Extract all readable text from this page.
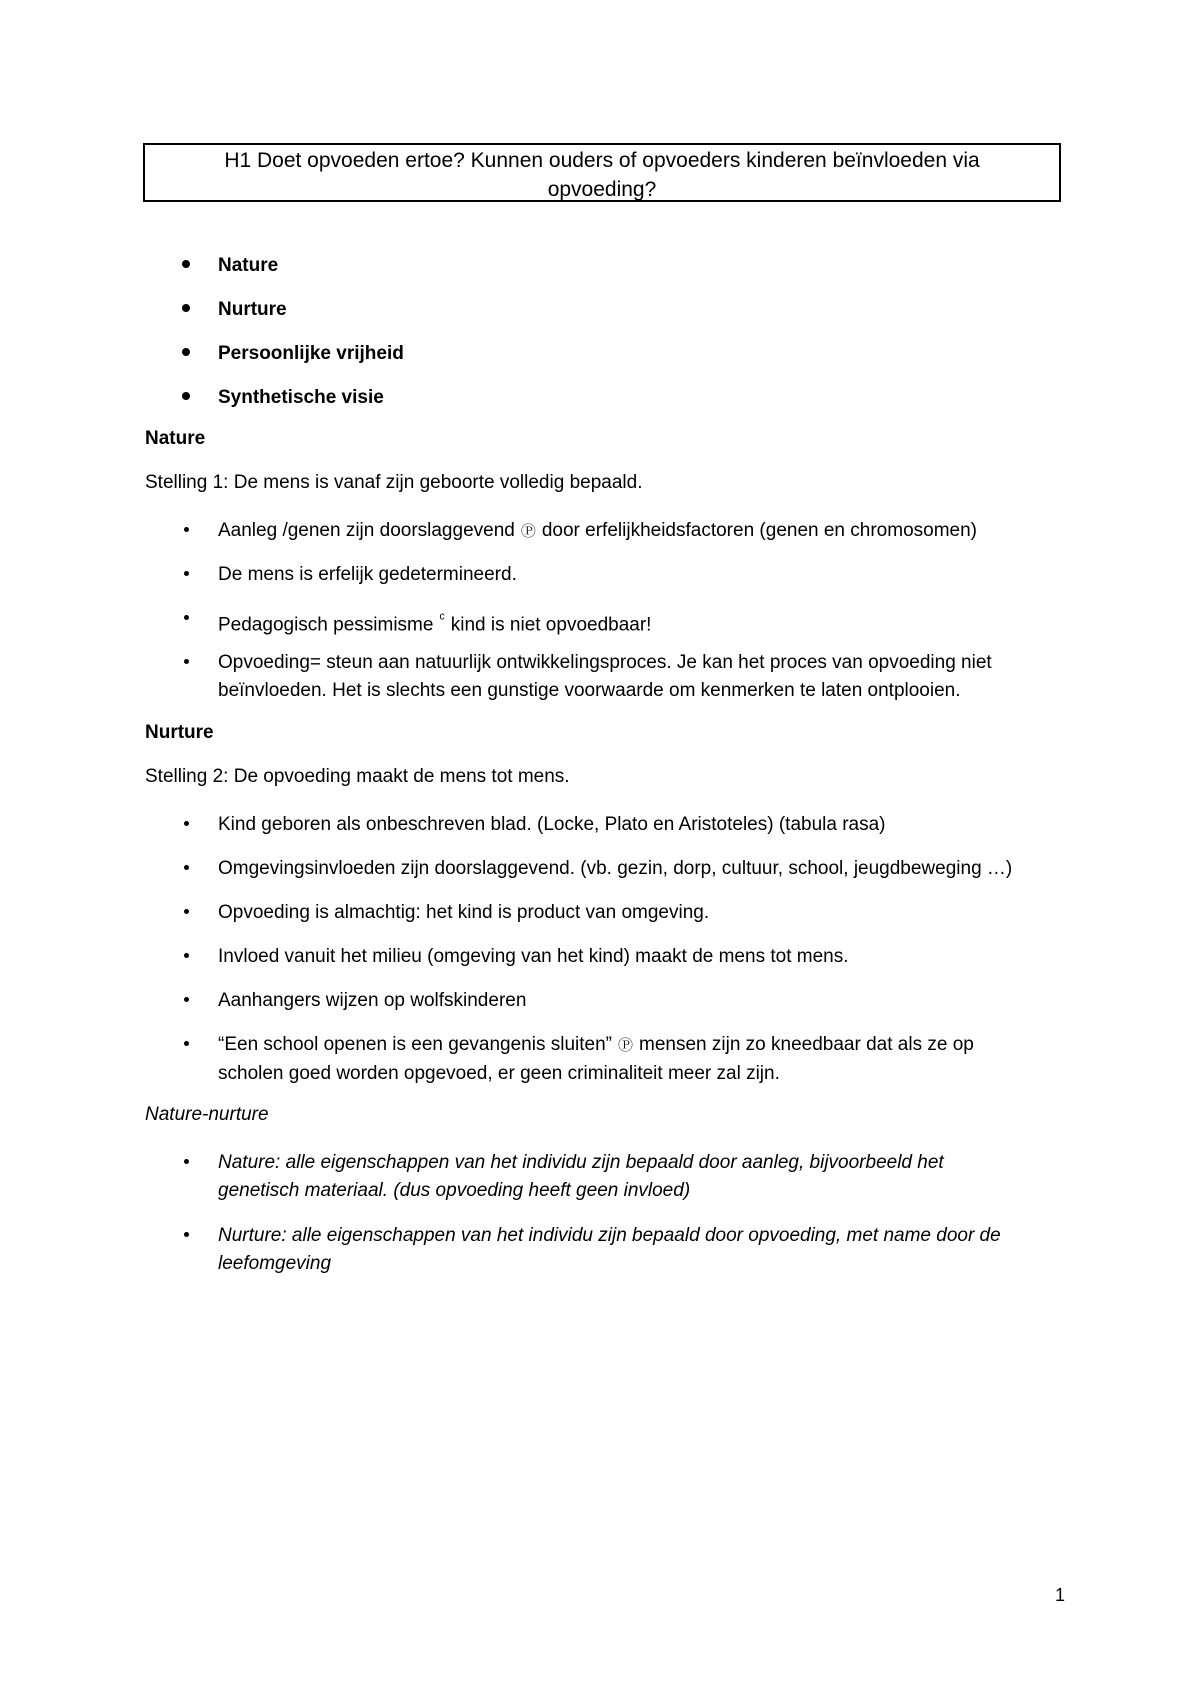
H1 Doet opvoeden ertoe? Kunnen ouders of opvoeders kinderen beïnvloeden via
opvoeding?
Nature
Nurture
Persoonlijke vrijheid
Synthetische visie
Nature
Stelling 1: De mens is vanaf zijn geboorte volledig bepaald.
Aanleg /genen zijn doorslaggevend Ⓟ door erfelijkheidsfactoren (genen en chromosomen)
De mens is erfelijk gedetermineerd.
Pedagogisch pessimisme ᶜ kind is niet opvoedbaar!
Opvoeding= steun aan natuurlijk ontwikkelingsproces. Je kan het proces van opvoeding niet
beïnvloeden. Het is slechts een gunstige voorwaarde om kenmerken te laten ontplooien.
Nurture
Stelling 2: De opvoeding maakt de mens tot mens.
Kind geboren als onbeschreven blad. (Locke, Plato en Aristoteles) (tabula rasa)
Omgevingsinvloeden zijn doorslaggevend. (vb. gezin, dorp, cultuur, school, jeugdbeweging …)
Opvoeding is almachtig: het kind is product van omgeving.
Invloed vanuit het milieu (omgeving van het kind) maakt de mens tot mens.
Aanhangers wijzen op wolfskinderen
“Een school openen is een gevangenis sluiten” Ⓟ mensen zijn zo kneedbaar dat als ze op
scholen goed worden opgevoed, er geen criminaliteit meer zal zijn.
Nature-nurture
Nature: alle eigenschappen van het individu zijn bepaald door aanleg, bijvoorbeeld het
genetisch materiaal. (dus opvoeding heeft geen invloed)
Nurture: alle eigenschappen van het individu zijn bepaald door opvoeding, met name door de
leefomgeving
1
